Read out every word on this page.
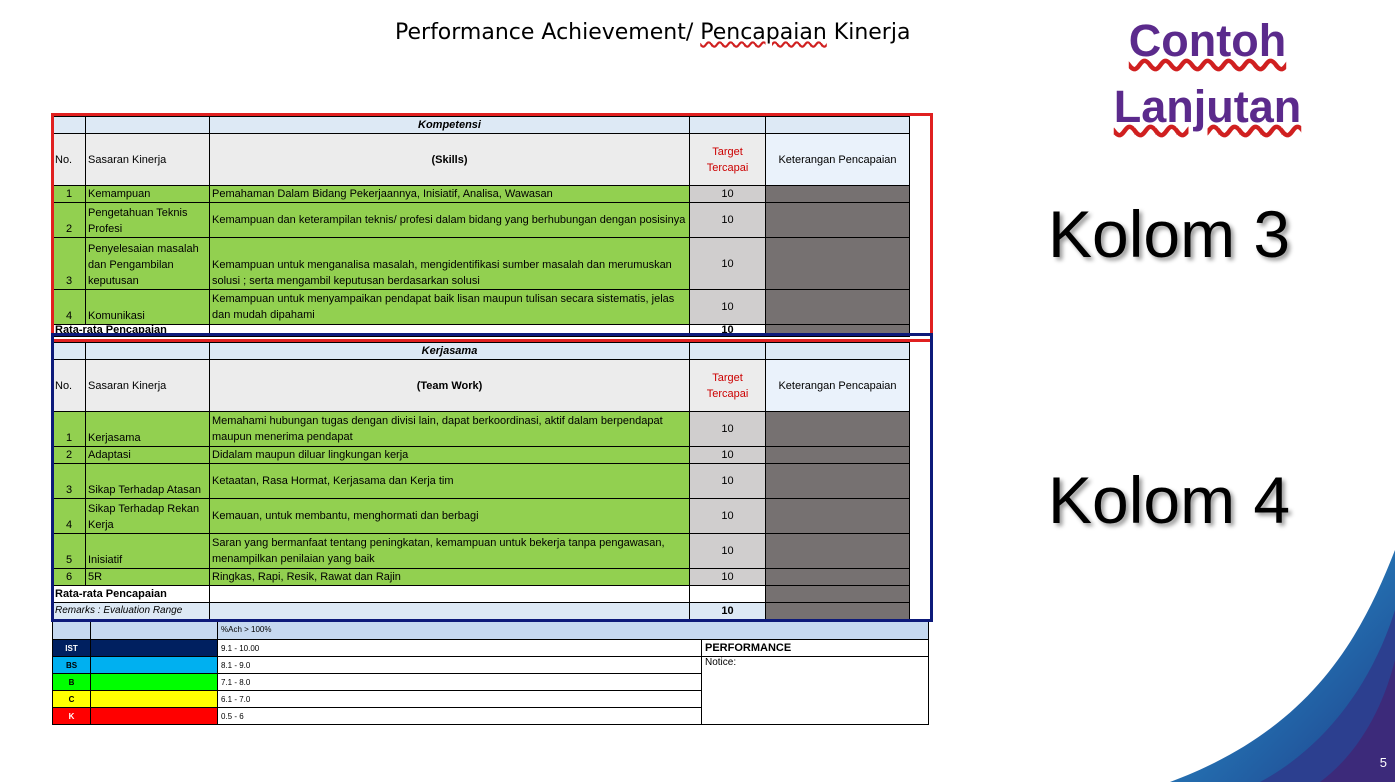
Performance Achievement/ Pencapaian Kinerja	Contoh
Lanjutan
Kolom 3
Kolom 4
5
		Kompetensi		
No.	Sasaran Kinerja	(Skills)	Target Tercapai	Keterangan Pencapaian
1	Kemampuan	Pemahaman Dalam Bidang Pekerjaannya, Inisiatif, Analisa, Wawasan	10	
2	Pengetahuan Teknis Profesi	Kemampuan dan keterampilan teknis/ profesi dalam bidang yang berhubungan dengan posisinya	10	
3	Penyelesaian masalah dan Pengambilan keputusan	Kemampuan untuk menganalisa masalah, mengidentifikasi sumber masalah dan merumuskan solusi ; serta mengambil keputusan berdasarkan solusi	10	
4	Komunikasi	Kemampuan untuk menyampaikan pendapat baik lisan maupun tulisan secara sistematis, jelas dan mudah dipahami	10	
Rata-rata Pencapaian			10	
		Kerjasama		
No.	Sasaran Kinerja	(Team Work)	Target Tercapai	Keterangan Pencapaian
1	Kerjasama	Memahami hubungan tugas dengan divisi lain, dapat berkoordinasi, aktif dalam berpendapat maupun menerima pendapat	10	
2	Adaptasi	Didalam maupun diluar lingkungan kerja	10	
3	Sikap Terhadap Atasan	Ketaatan, Rasa Hormat, Kerjasama dan Kerja tim	10	
4	Sikap Terhadap Rekan Kerja	Kemauan, untuk membantu, menghormati dan berbagi	10	
5	Inisiatif	Saran yang bermanfaat tentang peningkatan, kemampuan untuk bekerja tanpa pengawasan, menampilkan penilaian yang baik	10	
6	5R	Ringkas, Rapi, Resik, Rawat dan Rajin	10	
Rata-rata Pencapaian				
Remarks : Evaluation Range			10	
		%Ach > 100%	
IST		9.1 - 10.00	PERFORMANCE
BS		8.1 - 9.0	Notice:
B		7.1 - 8.0	
C		6.1 - 7.0	
K		0.5 - 6	
